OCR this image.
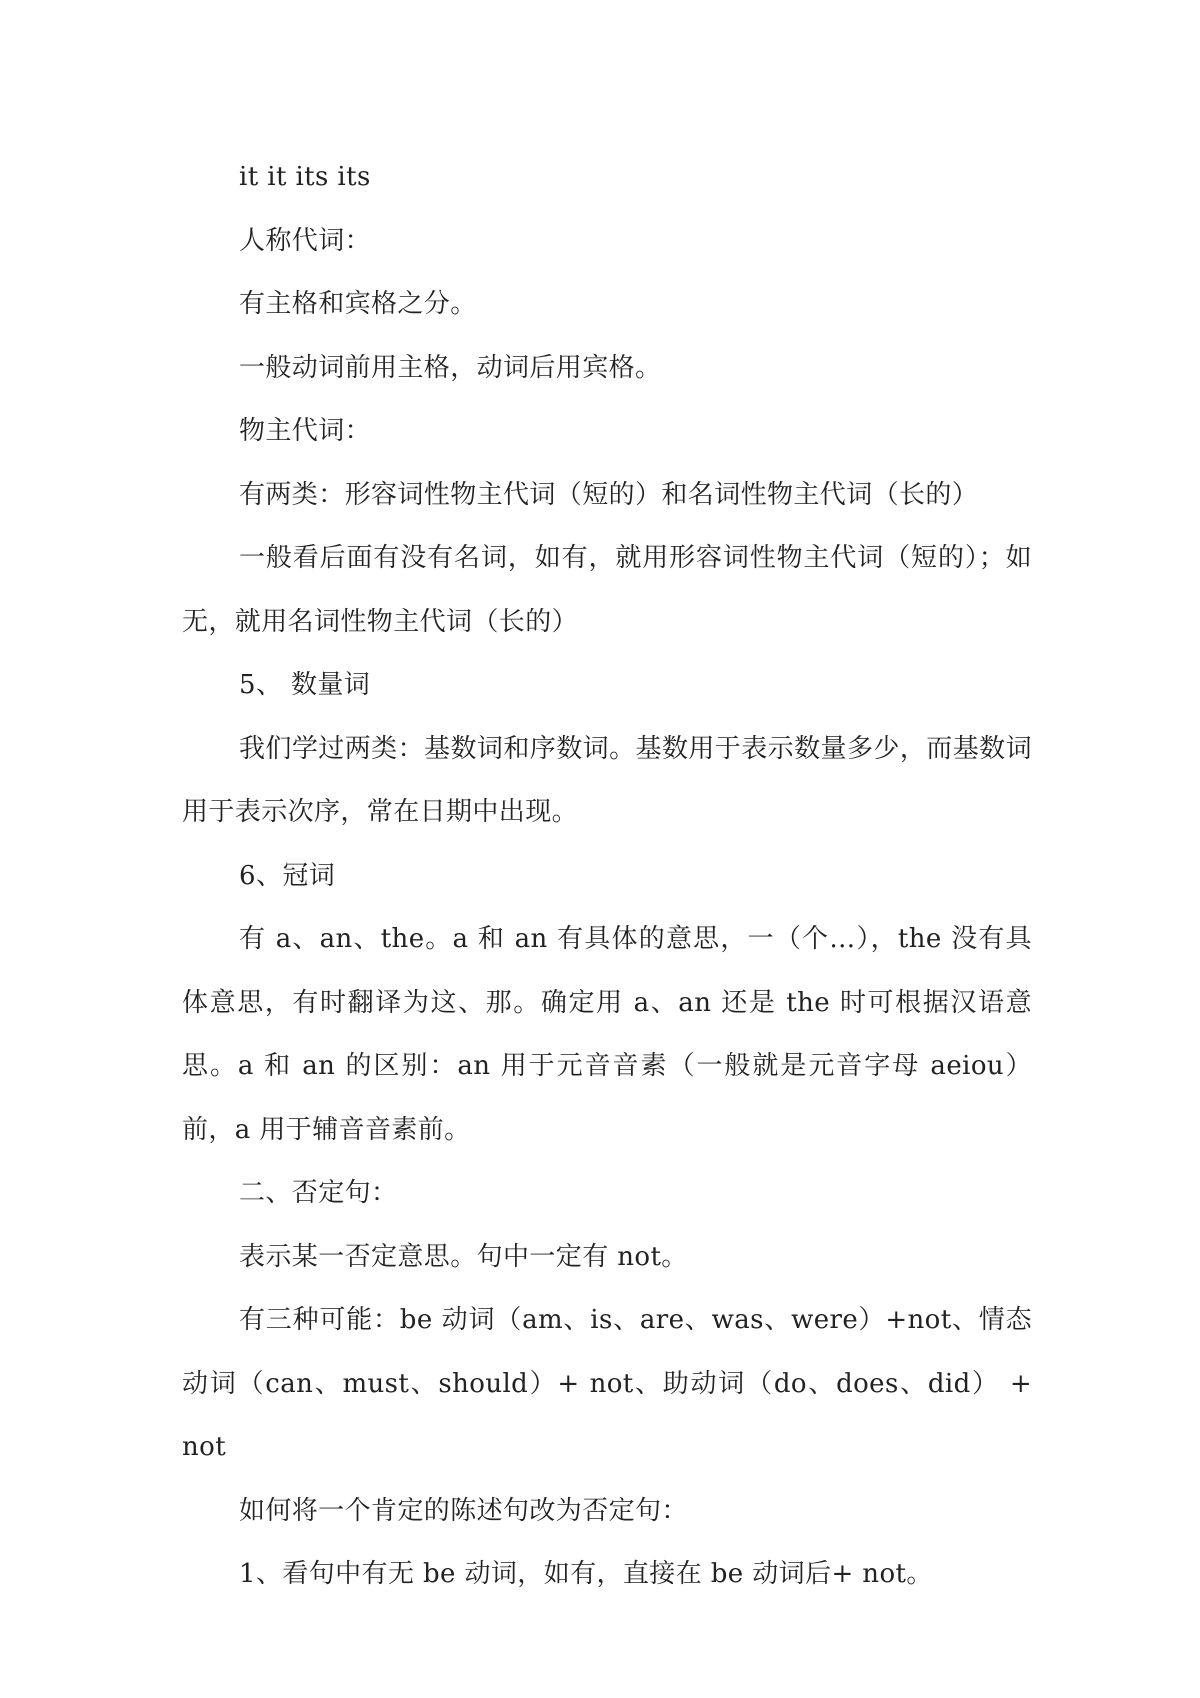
it it its its

人称代词：

有主格和宾格之分。

一般动词前用主格，动词后用宾格。

物主代词：

有两类：形容词性物主代词（短的）和名词性物主代词（长的）

一般看后面有没有名词，如有，就用形容词性物主代词（短的）；如无，就用名词性物主代词（长的）

5、 数量词

我们学过两类：基数词和序数词。基数用于表示数量多少，而基数词用于表示次序，常在日期中出现。

6、冠词

有 a、an、the。a 和 an 有具体的意思，一（个…），the 没有具体意思，有时翻译为这、那。确定用 a、an 还是 the 时可根据汉语意思。a 和 an 的区别：an 用于元音音素（一般就是元音字母 aeiou）前，a 用于辅音音素前。

二、否定句：

表示某一否定意思。句中一定有 not。

有三种可能：be 动词（am、is、are、was、were）+not、情态动词（can、must、should）+ not、助动词（do、does、did） + not

如何将一个肯定的陈述句改为否定句：

1、看句中有无 be 动词，如有，直接在 be 动词后+ not。
